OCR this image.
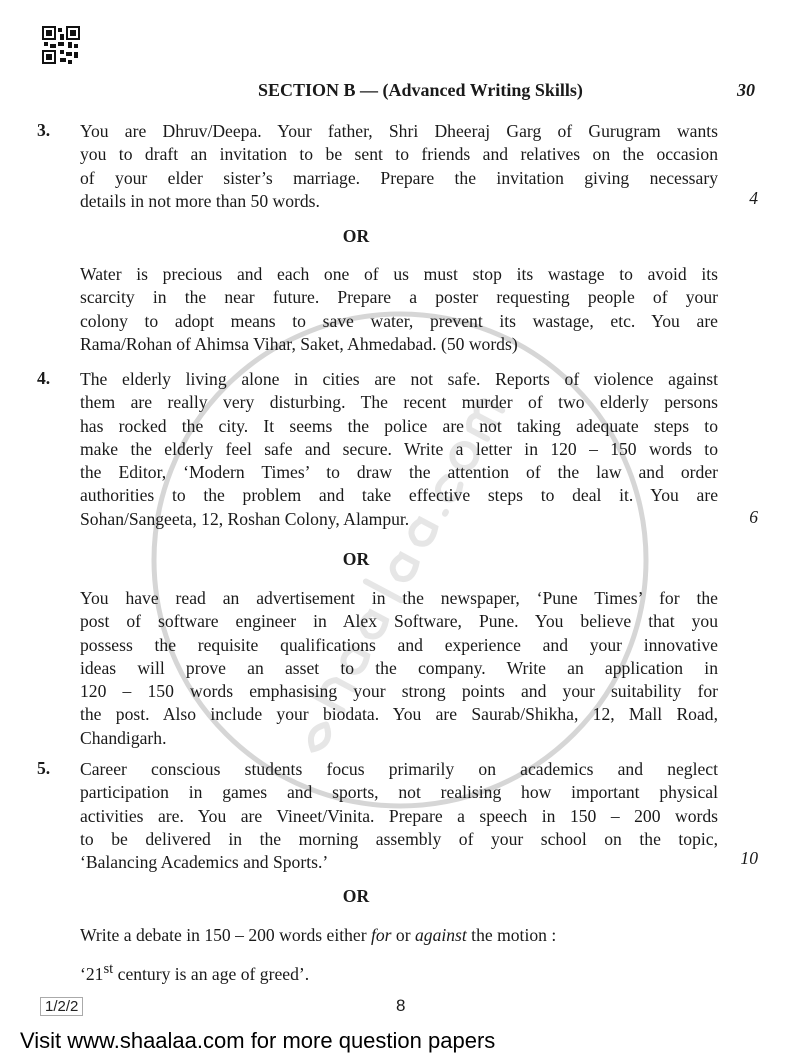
SECTION B — (Advanced Writing Skills)	30
3. You are Dhruv/Deepa. Your father, Shri Dheeraj Garg of Gurugram wants
you to draft an invitation to be sent to friends and relatives on the occasion
of your elder sister’s marriage. Prepare the invitation giving necessary
details in not more than 50 words.	4
OR
Water is precious and each one of us must stop its wastage to avoid its
scarcity in the near future. Prepare a poster requesting people of your
colony to adopt means to save water, prevent its wastage, etc. You are
Rama/Rohan of Ahimsa Vihar, Saket, Ahmedabad. (50 words)
4. The elderly living alone in cities are not safe. Reports of violence against
them are really very disturbing. The recent murder of two elderly persons
has rocked the city. It seems the police are not taking adequate steps to
make the elderly feel safe and secure. Write a letter in 120 – 150 words to
the Editor, ‘Modern Times’ to draw the attention of the law and order
authorities to the problem and take effective steps to deal it. You are
Sohan/Sangeeta, 12, Roshan Colony, Alampur.	6
OR
You have read an advertisement in the newspaper, ‘Pune Times’ for the
post of software engineer in Alex Software, Pune. You believe that you
possess the requisite qualifications and experience and your innovative
ideas will prove an asset to the company. Write an application in
120 – 150 words emphasising your strong points and your suitability for
the post. Also include your biodata. You are Saurab/Shikha, 12, Mall Road,
Chandigarh.
5. Career conscious students focus primarily on academics and neglect
participation in games and sports, not realising how important physical
activities are. You are Vineet/Vinita. Prepare a speech in 150 – 200 words
to be delivered in the morning assembly of your school on the topic,
‘Balancing Academics and Sports.’	10
OR
Write a debate in 150 – 200 words either for or against the motion :
‘21st century is an age of greed’.
1/2/2	8
Visit www.shaalaa.com for more question papers
